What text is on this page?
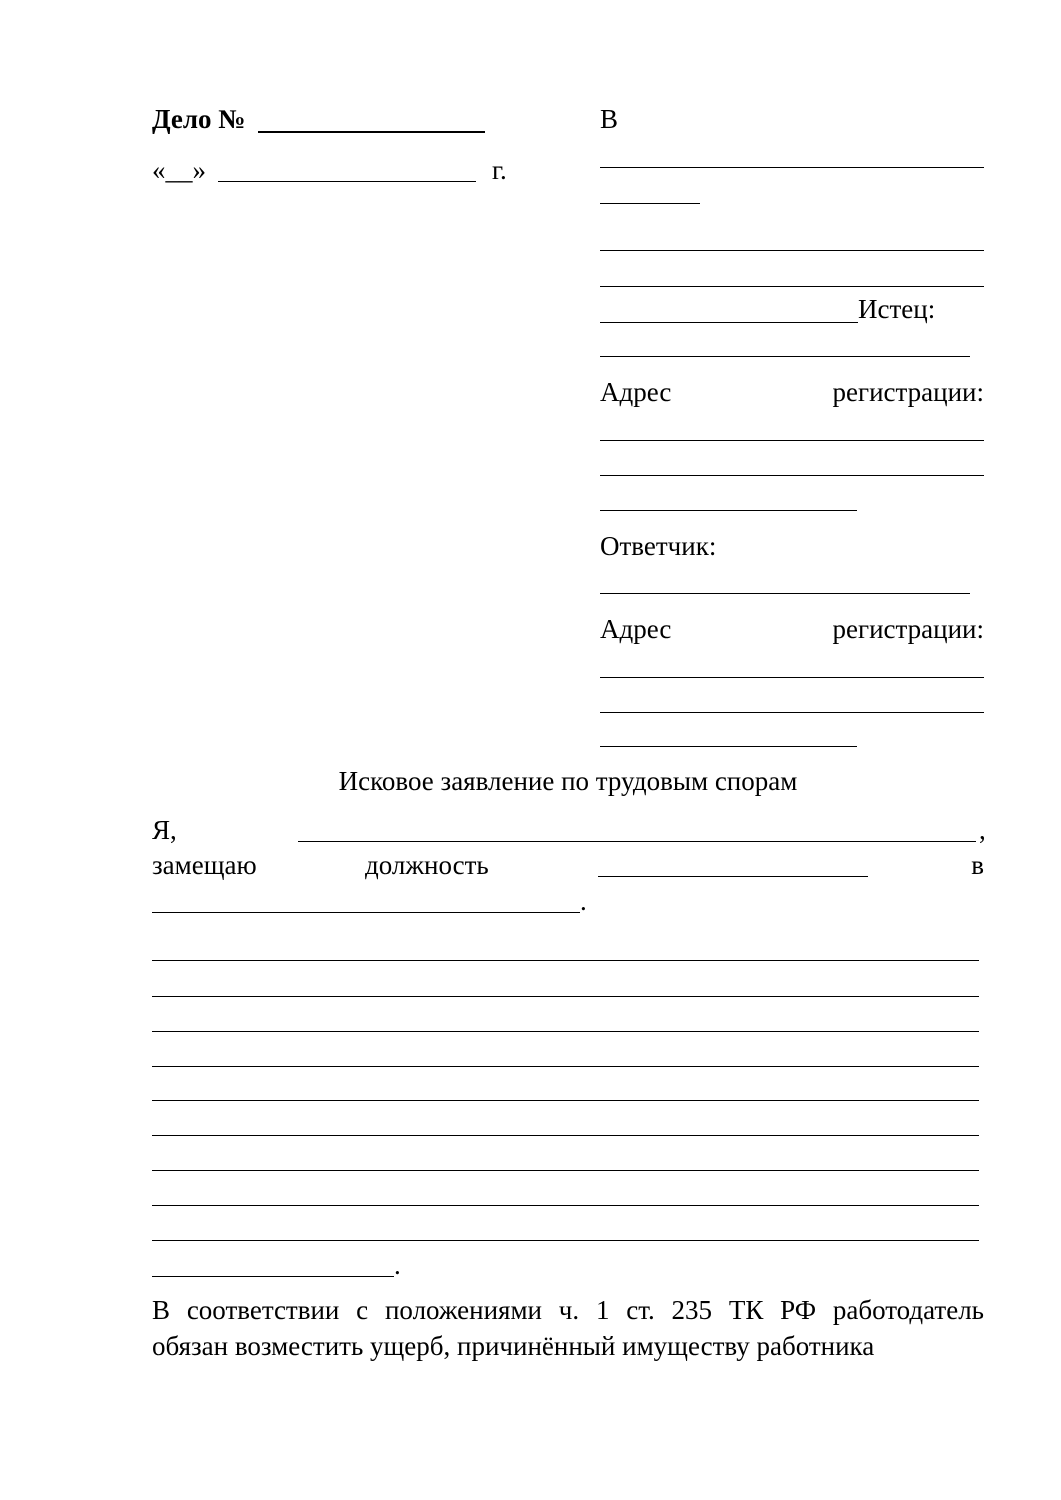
Дело №
«__»	г.
В
Истец:
Адрес	регистрации:
Ответчик:
Адрес	регистрации:
Исковое заявление по трудовым спорам
Я,	,
замещаю	должность	в
.
.
В соответствии с положениями ч. 1 ст. 235 ТК РФ работодатель
обязан возместить ущерб, причинённый имуществу работника
